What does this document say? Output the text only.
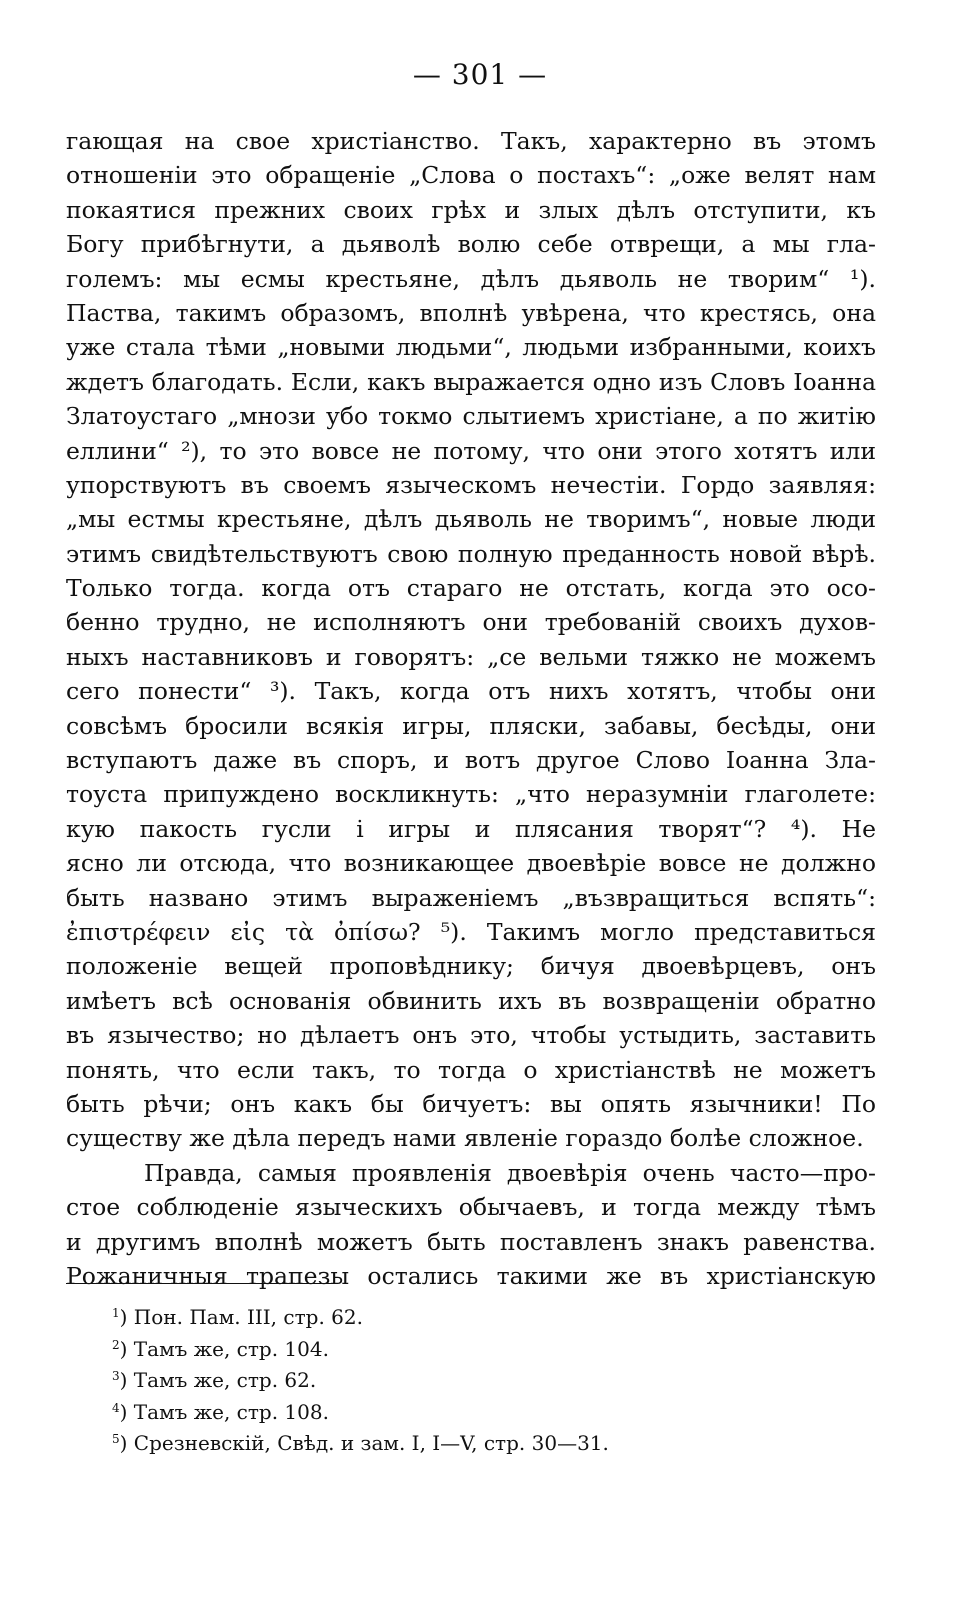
— 301 —
гающая на свое христіанство. Такъ, характерно въ этомъ
отношеніи это обращеніе „Слова о постахъ“: „оже велят нам
покаятися прежних своих грѣх и злых дѣлъ отступити, къ
Богу прибѣгнути, а дьяволѣ волю себе отврещи, а мы гла-
големъ: мы есмы крестьяне, дѣлъ дьяволь не творим“ ¹).
Паства, такимъ образомъ, вполнѣ увѣрена, что крестясь, она
уже стала тѣми „новыми людьми“, людьми избранными, коихъ
ждетъ благодать. Если, какъ выражается одно изъ Словъ Іоанна
Златоустаго „мнози убо токмо слытиемъ христіане, а по житію
еллини“ ²), то это вовсе не потому, что они этого хотятъ или
упорствуютъ въ своемъ языческомъ нечестіи. Гордо заявляя:
„мы естмы крестьяне, дѣлъ дьяволь не творимъ“, новые люди
этимъ свидѣтельствуютъ свою полную преданность новой вѣрѣ.
Только тогда. когда отъ стараго не отстать, когда это осо-
бенно трудно, не исполняютъ они требованій своихъ духов-
ныхъ наставниковъ и говорятъ: „се вельми тяжко не можемъ
сего понести“ ³). Такъ, когда отъ нихъ хотятъ, чтобы они
совсѣмъ бросили всякія игры, пляски, забавы, бесѣды, они
вступаютъ даже въ споръ, и вотъ другое Слово Іоанна Зла-
тоуста припуждено воскликнуть: „что неразумніи глаголете:
кую пакость гусли і игры и плясания творят“? ⁴). Не
ясно ли отсюда, что возникающее двоевѣріе вовсе не должно
быть названо этимъ выраженіемъ „възвращиться вспять“:
ἐπιστρέφειν εἰς τὰ ὀπίσω? ⁵). Такимъ могло представиться
положеніе вещей проповѣднику; бичуя двоевѣрцевъ, онъ
имѣетъ всѣ основанія обвинить ихъ въ возвращеніи обратно
въ язычество; но дѣлаетъ онъ это, чтобы устыдить, заставить
понять, что если такъ, то тогда о христіанствѣ не можетъ
быть рѣчи; онъ какъ бы бичуетъ: вы опять язычники! По
существу же дѣла передъ нами явленіе гораздо болѣе сложное.
Правда, самыя проявленія двоевѣрія очень часто—про-
стое соблюденіе языческихъ обычаевъ, и тогда между тѣмъ
и другимъ вполнѣ можетъ быть поставленъ знакъ равенства.
Рожаничныя трапезы остались такими же въ христіанскую
$^1$) Пон. Пам. III, стр. 62.
$^2$) Тамъ же, стр. 104.
$^3$) Тамъ же, стр. 62.
$^4$) Тамъ же, стр. 108.
$^5$) Срезневскій, Свѣд. и зам. I, I—V, стр. 30—31.
